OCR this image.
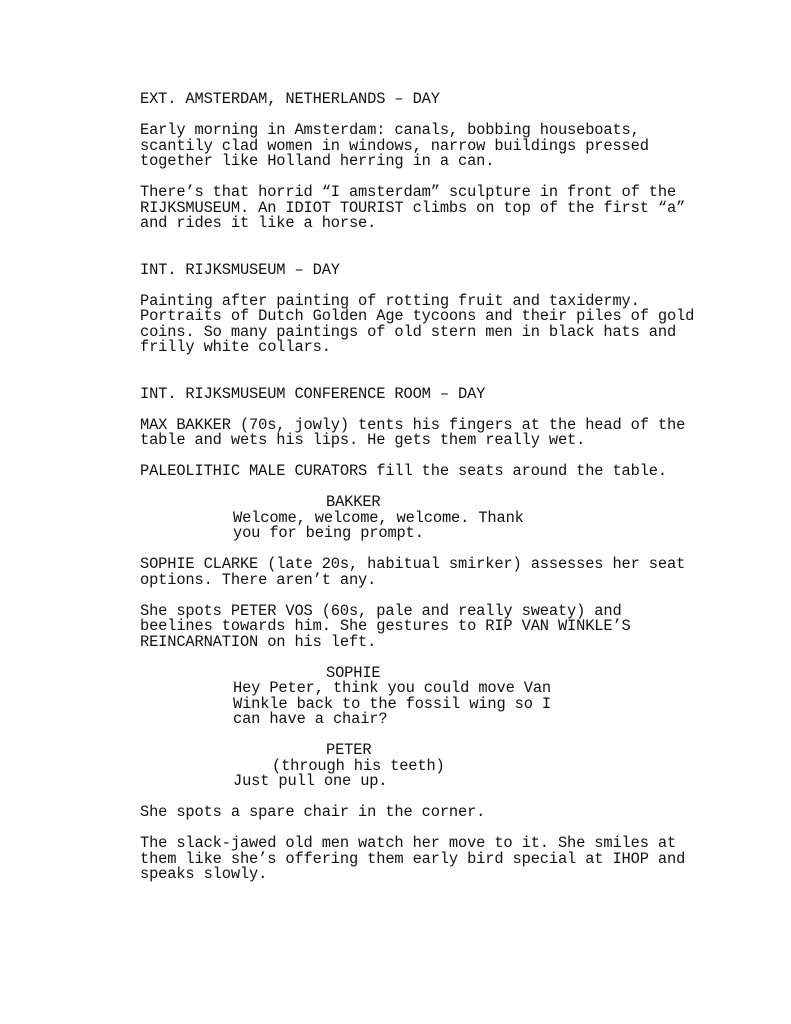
EXT. AMSTERDAM, NETHERLANDS – DAY
Early morning in Amsterdam: canals, bobbing houseboats,
scantily clad women in windows, narrow buildings pressed
together like Holland herring in a can.
There’s that horrid “I amsterdam” sculpture in front of the
RIJKSMUSEUM. An IDIOT TOURIST climbs on top of the first “a”
and rides it like a horse.
INT. RIJKSMUSEUM – DAY
Painting after painting of rotting fruit and taxidermy.
Portraits of Dutch Golden Age tycoons and their piles of gold
coins. So many paintings of old stern men in black hats and
frilly white collars.
INT. RIJKSMUSEUM CONFERENCE ROOM – DAY
MAX BAKKER (70s, jowly) tents his fingers at the head of the
table and wets his lips. He gets them really wet.
PALEOLITHIC MALE CURATORS fill the seats around the table.
BAKKER
Welcome, welcome, welcome. Thank
you for being prompt.
SOPHIE CLARKE (late 20s, habitual smirker) assesses her seat
options. There aren’t any.
She spots PETER VOS (60s, pale and really sweaty) and
beelines towards him. She gestures to RIP VAN WINKLE’S
REINCARNATION on his left.
SOPHIE
Hey Peter, think you could move Van
Winkle back to the fossil wing so I
can have a chair?
PETER
(through his teeth)
Just pull one up.
She spots a spare chair in the corner.
The slack-jawed old men watch her move to it. She smiles at
them like she’s offering them early bird special at IHOP and
speaks slowly.
